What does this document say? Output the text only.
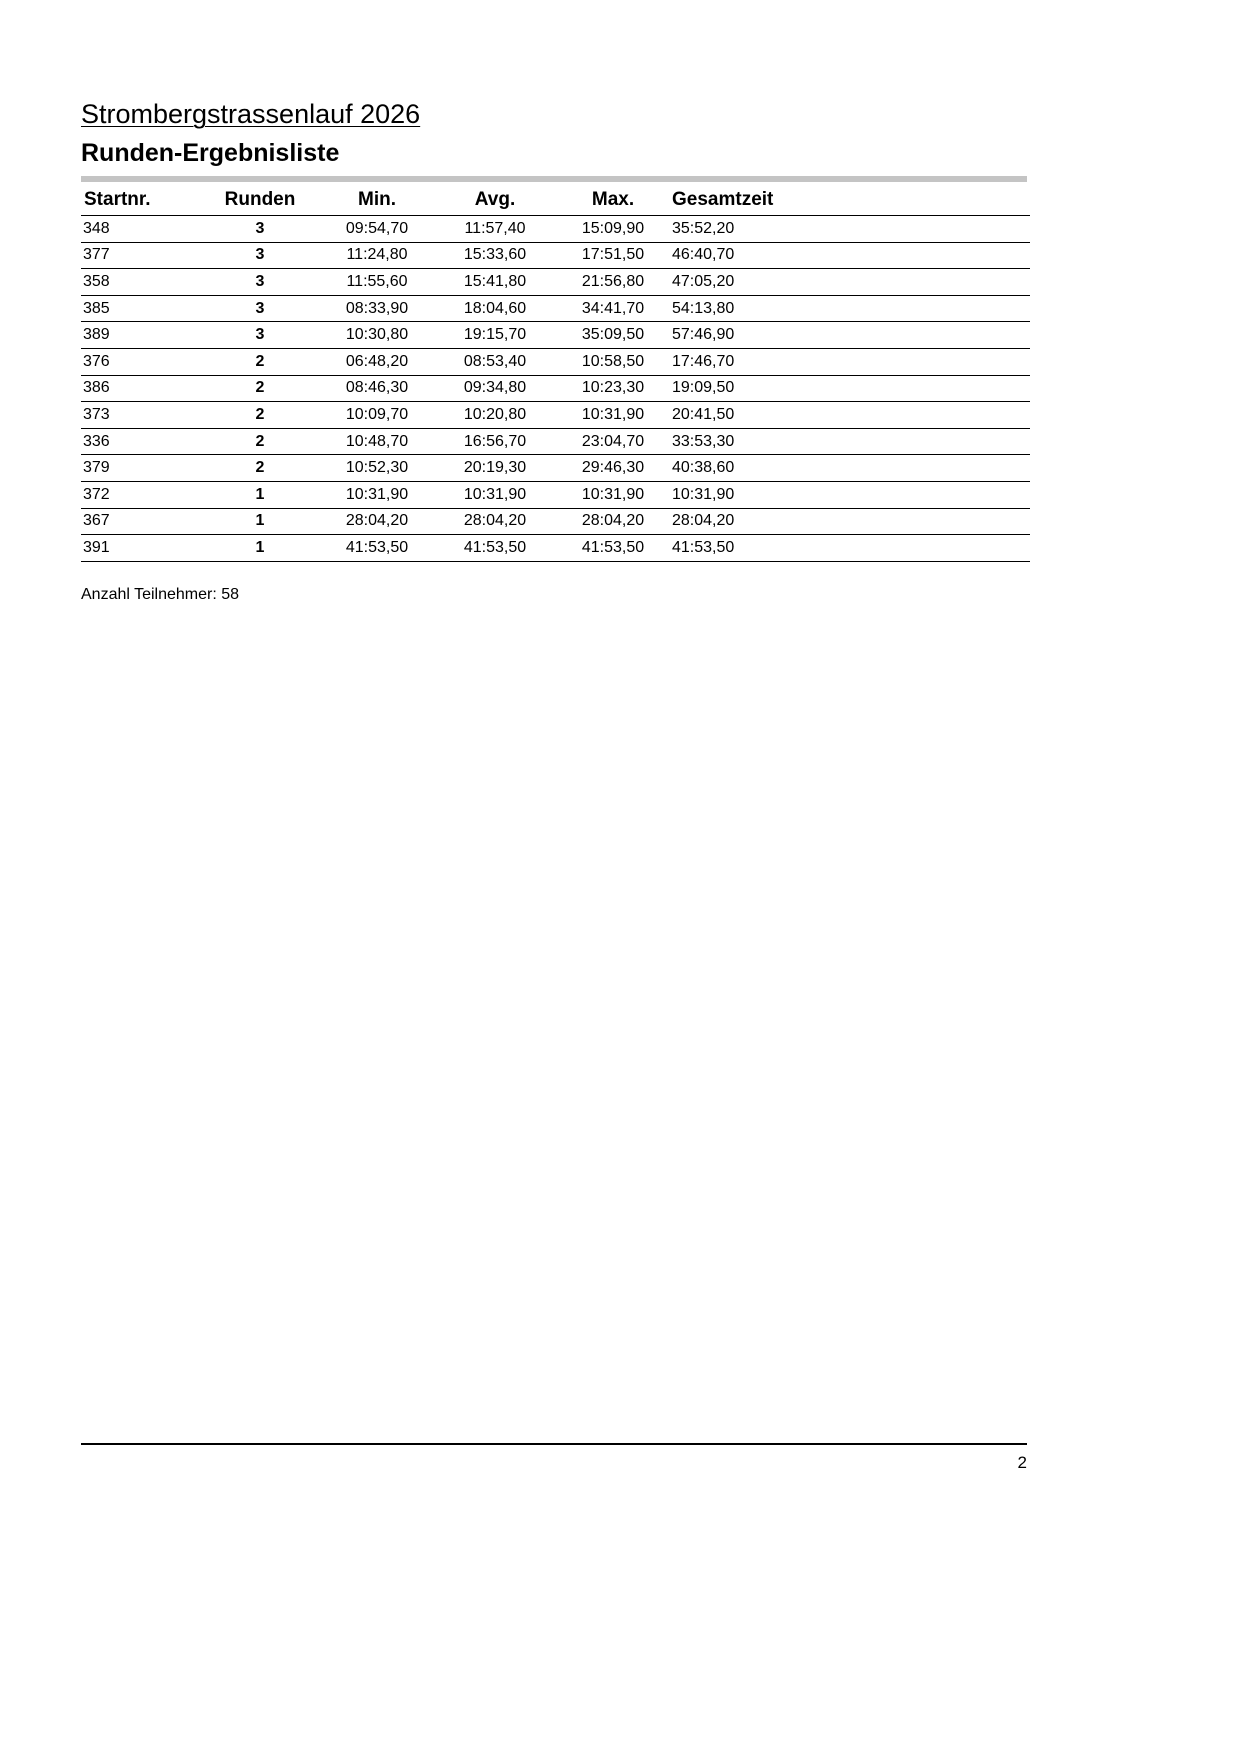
Strombergstrassenlauf 2026
Runden-Ergebnisliste
Startnr.	Runden	Min.	Avg.	Max.	Gesamtzeit
348	3	09:54,70	11:57,40	15:09,90	35:52,20
377	3	11:24,80	15:33,60	17:51,50	46:40,70
358	3	11:55,60	15:41,80	21:56,80	47:05,20
385	3	08:33,90	18:04,60	34:41,70	54:13,80
389	3	10:30,80	19:15,70	35:09,50	57:46,90
376	2	06:48,20	08:53,40	10:58,50	17:46,70
386	2	08:46,30	09:34,80	10:23,30	19:09,50
373	2	10:09,70	10:20,80	10:31,90	20:41,50
336	2	10:48,70	16:56,70	23:04,70	33:53,30
379	2	10:52,30	20:19,30	29:46,30	40:38,60
372	1	10:31,90	10:31,90	10:31,90	10:31,90
367	1	28:04,20	28:04,20	28:04,20	28:04,20
391	1	41:53,50	41:53,50	41:53,50	41:53,50
Anzahl Teilnehmer: 58
2
